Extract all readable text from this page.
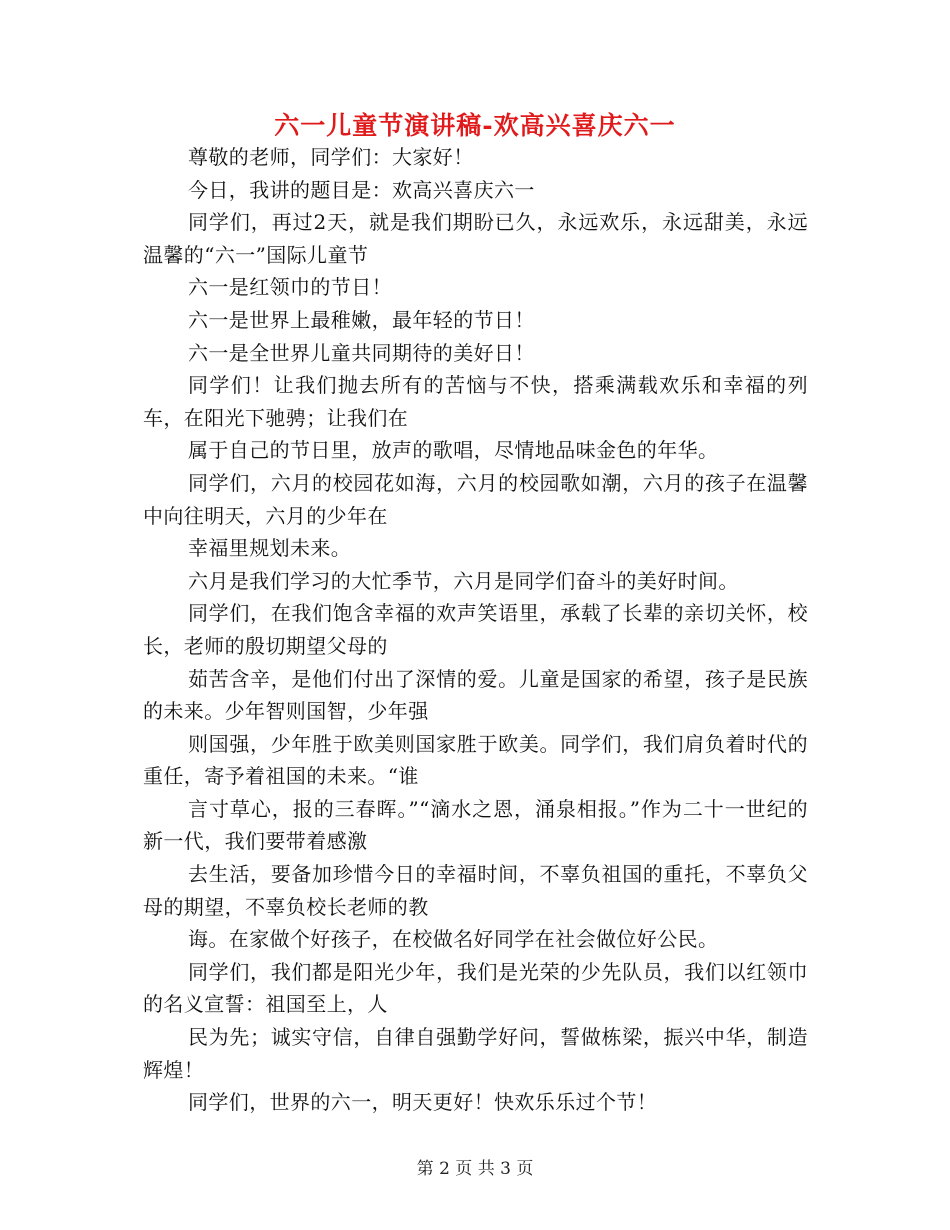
六一儿童节演讲稿-欢高兴喜庆六一

尊敬的老师，同学们：大家好！

今日，我讲的题目是：欢高兴喜庆六一

同学们，再过2天，就是我们期盼已久，永远欢乐，永远甜美，永远温馨的“六一”国际儿童节

六一是红领巾的节日！

六一是世界上最稚嫩，最年轻的节日！

六一是全世界儿童共同期待的美好日！

同学们！让我们抛去所有的苦恼与不快，搭乘满载欢乐和幸福的列车，在阳光下驰骋；让我们在

属于自己的节日里，放声的歌唱，尽情地品味金色的年华。

同学们，六月的校园花如海，六月的校园歌如潮，六月的孩子在温馨中向往明天，六月的少年在

幸福里规划未来。

六月是我们学习的大忙季节，六月是同学们奋斗的美好时间。

同学们，在我们饱含幸福的欢声笑语里，承载了长辈的亲切关怀，校长，老师的殷切期望父母的

茹苦含辛，是他们付出了深情的爱。儿童是国家的希望，孩子是民族的未来。少年智则国智，少年强

则国强，少年胜于欧美则国家胜于欧美。同学们，我们肩负着时代的重任，寄予着祖国的未来。“谁

言寸草心，报的三春晖。”“滴水之恩，涌泉相报。”作为二十一世纪的新一代，我们要带着感激

去生活，要备加珍惜今日的幸福时间，不辜负祖国的重托，不辜负父母的期望，不辜负校长老师的教

诲。在家做个好孩子，在校做名好同学在社会做位好公民。

同学们，我们都是阳光少年，我们是光荣的少先队员，我们以红领巾的名义宣誓：祖国至上，人

民为先；诚实守信，自律自强勤学好问，誓做栋梁，振兴中华，制造辉煌！

同学们，世界的六一，明天更好！快欢乐乐过个节！

第 2 页 共 3 页
